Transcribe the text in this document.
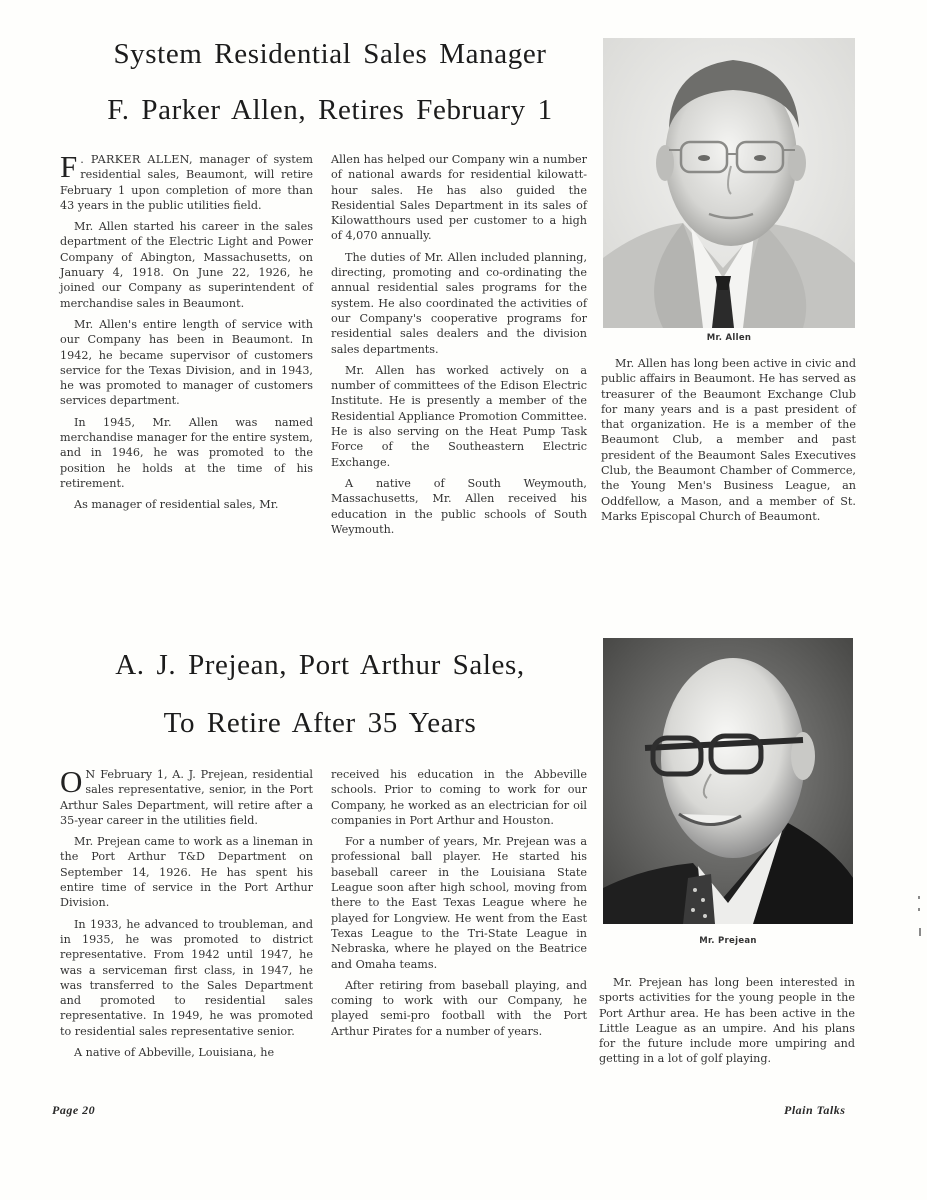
System Residential Sales Manager
F. Parker Allen, Retires February 1

F . PARKER ALLEN, manager of system residential sales, Beaumont, will retire February 1 upon completion of more than 43 years in the public utilities field.

Mr. Allen started his career in the sales department of the Electric Light and Power Company of Abington, Massachusetts, on January 4, 1918. On June 22, 1926, he joined our Company as superintendent of merchandise sales in Beaumont.

Mr. Allen's entire length of service with our Company has been in Beaumont. In 1942, he became supervisor of customers service for the Texas Division, and in 1943, he was promoted to manager of customers services department.

In 1945, Mr. Allen was named merchandise manager for the entire system, and in 1946, he was promoted to the position he holds at the time of his retirement.

As manager of residential sales, Mr.

Allen has helped our Company win a number of national awards for residential kilowatt-hour sales. He has also guided the Residential Sales Department in its sales of Kilowatthours used per customer to a high of 4,070 annually.

The duties of Mr. Allen included planning, directing, promoting and co-ordinating the annual residential sales programs for the system. He also coordinated the activities of our Company's cooperative programs for residential sales dealers and the division sales departments.

Mr. Allen has worked actively on a number of committees of the Edison Electric Institute. He is presently a member of the Residential Appliance Promotion Committee. He is also serving on the Heat Pump Task Force of the Southeastern Electric Exchange.

A native of South Weymouth, Massachusetts, Mr. Allen received his education in the public schools of South Weymouth.

Mr. Allen

Mr. Allen has long been active in civic and public affairs in Beaumont. He has served as treasurer of the Beaumont Exchange Club for many years and is a past president of that organization. He is a member of the Beaumont Club, a member and past president of the Beaumont Sales Executives Club, the Beaumont Chamber of Commerce, the Young Men's Business League, an Oddfellow, a Mason, and a member of St. Marks Episcopal Church of Beaumont.

A. J. Prejean, Port Arthur Sales,
To Retire After 35 Years

O N February 1, A. J. Prejean, residential sales representative, senior, in the Port Arthur Sales Department, will retire after a 35-year career in the utilities field.

Mr. Prejean came to work as a lineman in the Port Arthur T&D Department on September 14, 1926. He has spent his entire time of service in the Port Arthur Division.

In 1933, he advanced to troubleman, and in 1935, he was promoted to district representative. From 1942 until 1947, he was a serviceman first class, in 1947, he was transferred to the Sales Department and promoted to residential sales representative. In 1949, he was promoted to residential sales representative senior.

A native of Abbeville, Louisiana, he

received his education in the Abbeville schools. Prior to coming to work for our Company, he worked as an electrician for oil companies in Port Arthur and Houston.

For a number of years, Mr. Prejean was a professional ball player. He started his baseball career in the Louisiana State League soon after high school, moving from there to the East Texas League where he played for Longview. He went from the East Texas League to the Tri-State League in Nebraska, where he played on the Beatrice and Omaha teams.

After retiring from baseball playing, and coming to work with our Company, he played semi-pro football with the Port Arthur Pirates for a number of years.

Mr. Prejean

Mr. Prejean has long been interested in sports activities for the young people in the Port Arthur area. He has been active in the Little League as an umpire. And his plans for the future include more umpiring and getting in a lot of golf playing.

Page 20	Plain Talks
